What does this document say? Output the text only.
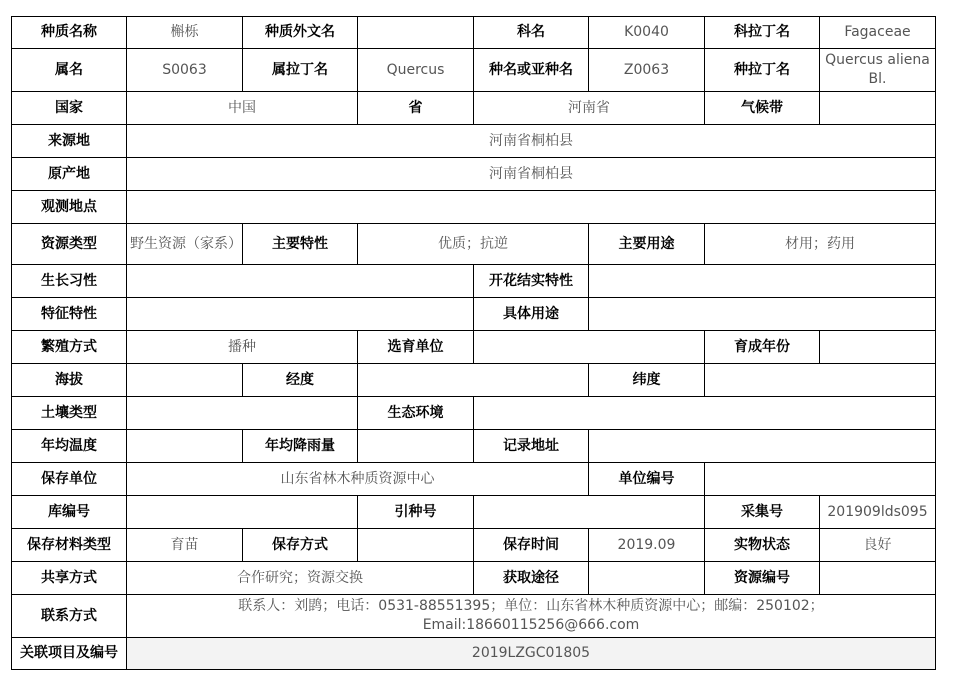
种质名称	槲栎	种质外文名		科名	K0040	科拉丁名	Fagaceae
属名	S0063	属拉丁名	Quercus	种名或亚种名	Z0063	种拉丁名	Quercus aliena Bl.
国家	中国		省	河南省		气候带	
来源地	河南省桐柏县						
原产地	河南省桐柏县						
观测地点							
资源类型	野生资源（家系）	主要特性	优质；抗逆		主要用途	材用；药用	
生长习性				开花结实特性			
特征特性				具体用途			
繁殖方式	播种		选育单位			育成年份	
海拔		经度			纬度		
土壤类型			生态环境				
年均温度		年均降雨量		记录地址			
保存单位	山东省林木种质资源中心				单位编号		
库编号			引种号			采集号	201909lds095
保存材料类型	育苗	保存方式		保存时间	2019.09	实物状态	良好
共享方式	合作研究；资源交换			获取途径		资源编号	
联系方式	联系人：刘鹍；电话：0531-88551395；单位：山东省林木种质资源中心；邮编：250102；
Email:18660115256@666.com						

关联项目及编号	2019LZGC01805						
